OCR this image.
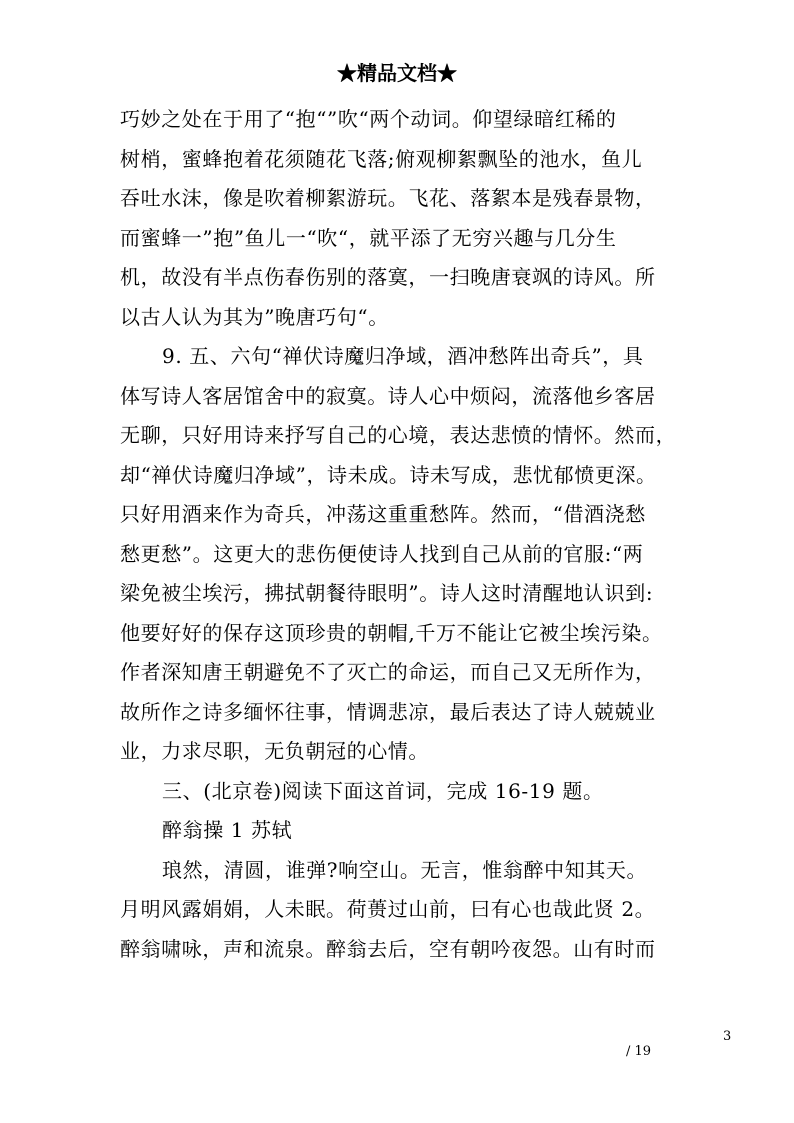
★精品文档★
巧妙之处在于用了“抱“”吹“两个动词。仰望绿暗红稀的
树梢，蜜蜂抱着花须随花飞落;俯观柳絮飘坠的池水，鱼儿
吞吐水沫，像是吹着柳絮游玩。飞花、落絮本是残春景物，
而蜜蜂一”抱”鱼儿一“吹“，就平添了无穷兴趣与几分生
机，故没有半点伤春伤别的落寞，一扫晚唐衰飒的诗风。所
以古人认为其为”晚唐巧句“。
9. 五、六句“禅伏诗魔归净域，酒冲愁阵出奇兵”，具
体写诗人客居馆舍中的寂寞。诗人心中烦闷，流落他乡客居
无聊，只好用诗来抒写自己的心境，表达悲愤的情怀。然而，
却“禅伏诗魔归净域”，诗未成。诗未写成，悲忧郁愤更深。
只好用酒来作为奇兵，冲荡这重重愁阵。然而，“借酒浇愁
愁更愁”。这更大的悲伤便使诗人找到自己从前的官服:“两
梁免被尘埃污，拂拭朝餐待眼明”。诗人这时清醒地认识到:
他要好好的保存这顶珍贵的朝帽,千万不能让它被尘埃污染。
作者深知唐王朝避免不了灭亡的命运，而自己又无所作为，
故所作之诗多缅怀往事，情调悲凉，最后表达了诗人兢兢业
业，力求尽职，无负朝冠的心情。
三、(北京卷)阅读下面这首词，完成 16-19 题。
醉翁操 1 苏轼
琅然，清圆，谁弹?响空山。无言，惟翁醉中知其天。
月明风露娟娟，人未眠。荷蒉过山前，曰有心也哉此贤 2。
醉翁啸咏，声和流泉。醉翁去后，空有朝吟夜怨。山有时而
3
/ 19
